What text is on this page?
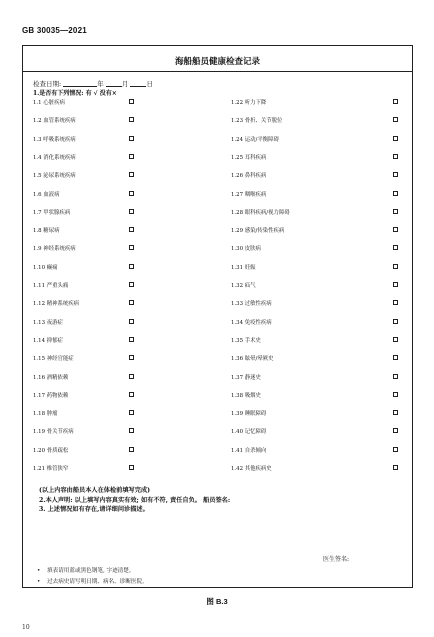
GB 30035—2021
海船船员健康检查记录
检查日期:	年	月	日
1.是否有下列情况: 有 √ 没有×
1.1 心脏疾病	1.22 听力下降
1.2 血管系统疾病	1.23 骨折、关节脱位
1.3 呼吸系统疾病	1.24 运动/平衡障碍
1.4 消化系统疾病	1.25 耳科疾病
1.5 泌尿系统疾病	1.26 鼻科疾病
1.6 血液病	1.27 咽喉疾病
1.7 甲状腺疾病	1.28 眼科疾病/视力障碍
1.8 糖尿病	1.29 感染/传染性疾病
1.9 神经系统疾病	1.30 皮肤病
1.10 癫痫	1.31 妊娠
1.11 严重头痛	1.32 疝气
1.12 精神系统疾病	1.33 过敏性疾病
1.13 夜游症	1.34 免疫性疾病
1.14 抑郁症	1.35 手术史
1.15 神经官能症	1.36 眩晕/晕厥史
1.16 酒精依赖	1.37 静迷史
1.17 药物依赖	1.38 吸烟史
1.18 肿瘤	1.39 睡眠障碍
1.19 骨关节疾病	1.40 记忆障碍
1.20 骨质疏松	1.41 自杀倾向
1.21 椎管狭窄	1.42 其他疾病史
(以上内容由船员本人在体检前填写完成)
2.本人声明: 以上填写内容真实有效; 如有不符, 责任自负。 船员签名:
3. 上述情况如有存在,请详细问诊描述。
医生签名:
• 填表请用蓝或黑色钢笔, 字迹清楚。
• 过去病史请写明日期、病名、诊断医院。
图 B.3
10
